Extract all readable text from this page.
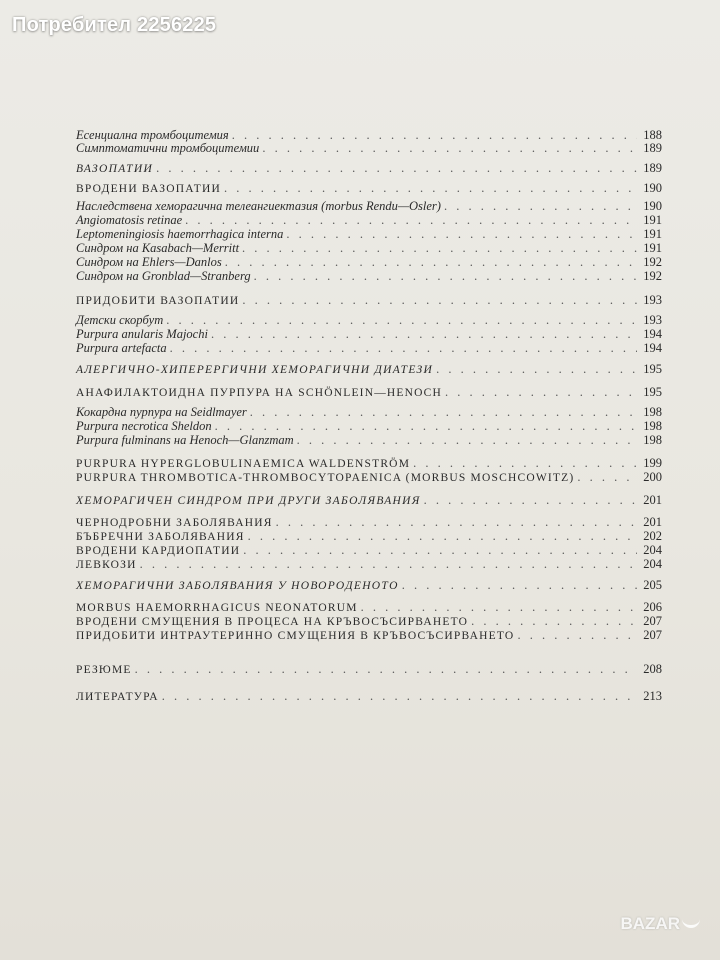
Потребител 2256225
Есенциална тромбоцитемия . . .	188
Симптоматични тромбоцитемии . . .	189
ВАЗОПАТИИ . . .	189
ВРОДЕНИ ВАЗОПАТИИ . . .	190
Наследствена хеморагична телеангиектазия (morbus Rendu—Osler) . . .	190
Angiomatosis retinae . . .	191
Leptomeningiosis haemorrhagica interna . . .	191
Синдром на Kasabach—Merritt . . .	191
Синдром на Ehlers—Danlos . . .	192
Синдром на Gronblad—Stranberg . . .	192
ПРИДОБИТИ ВАЗОПАТИИ . . .	193
Детски скорбут . . .	193
Purpura anularis Majochi . . .	194
Purpura artefacta . . .	194
АЛЕРГИЧНО-ХИПЕРЕРГИЧНИ ХЕМОРАГИЧНИ ДИАТЕЗИ . . .	195
АНАФИЛАКТОИДНА ПУРПУРА НА SCHÖNLEIN—HENOCH . . .	195
Кокардна пурпура на Seidlmayer . . .	198
Purpura necrotica Sheldon . . .	198
Purpura fulminans на Henoch—Glanzmam . . .	198
PURPURA HYPERGLOBULINAEMICA WALDENSTRÖM . . .	199
PURPURA THROMBOTICA-THROMBOCYTOPAENICA (MORBUS MOSCHCOWITZ) . . .	200
ХЕМОРАГИЧЕН СИНДРОМ ПРИ ДРУГИ ЗАБОЛЯВАНИЯ . . .	201
ЧЕРНОДРОБНИ ЗАБОЛЯВАНИЯ . . .	201
БЪБРЕЧНИ ЗАБОЛЯВАНИЯ . . .	202
ВРОДЕНИ КАРДИОПАТИИ . . .	204
ЛЕВКОЗИ . . .	204
ХЕМОРАГИЧНИ ЗАБОЛЯВАНИЯ У НОВОРОДЕНОТО . . .	205
MORBUS HAEMORRHAGICUS NEONATORUM . . .	206
ВРОДЕНИ СМУЩЕНИЯ В ПРОЦЕСА НА КРЪВОСЪСИРВАНЕТО . . .	207
ПРИДОБИТИ ИНТРАУТЕРИННО СМУЩЕНИЯ В КРЪВОСЪСИРВАНЕТО . . .	207
РЕЗЮМЕ . . .	208
ЛИТЕРАТУРА . . .	213
BAZAR
